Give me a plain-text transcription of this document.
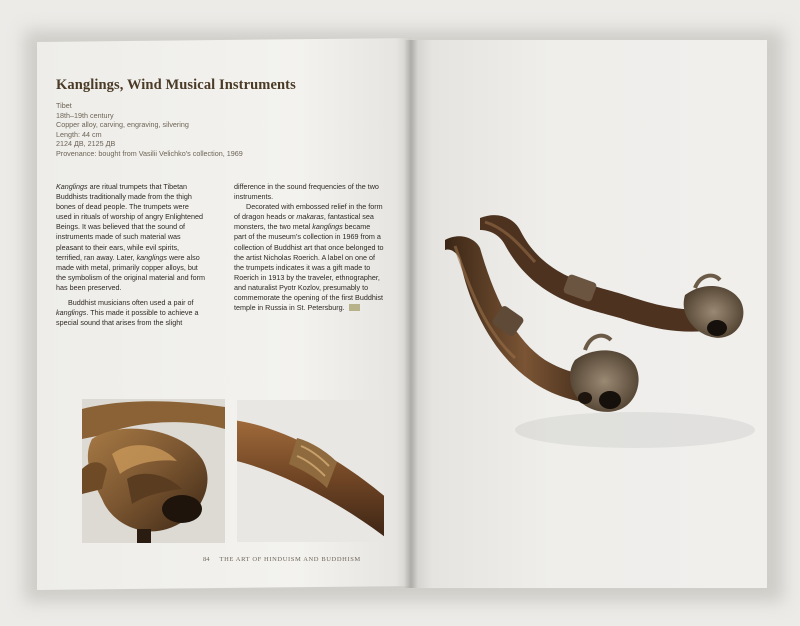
Kanglings, Wind Musical Instruments
Tibet
18th–19th century
Copper alloy, carving, engraving, silvering
Length: 44 cm
2124 ДВ, 2125 ДВ
Provenance: bought from Vasilii Velichko’s collection, 1969

Kanglings are ritual trumpets that Tibetan Buddhists traditionally made from the thigh bones of dead people. The trumpets were used in rituals of worship of angry Enlightened Beings. It was believed that the sound of instruments made of such material was pleasant to their ears, while evil spirits, terrified, ran away. Later, kanglings were also made with metal, primarily copper alloys, but the symbolism of the original material and form has been preserved.

Buddhist musicians often used a pair of kanglings. This made it possible to achieve a special sound that arises from the slight

difference in the sound frequencies of the two instruments.

Decorated with embossed relief in the form of dragon heads or makaras, fantastical sea monsters, the two metal kanglings became part of the museum’s collection in 1969 from a collection of Buddhist art that once belonged to the artist Nicholas Roerich. A label on one of the trumpets indicates it was a gift made to Roerich in 1913 by the traveler, ethnographer, and naturalist Pyotr Kozlov, presumably to commemorate the opening of the first Buddhist temple in Russia in St. Petersburg.

84 THE ART OF HINDUISM AND BUDDHISM
